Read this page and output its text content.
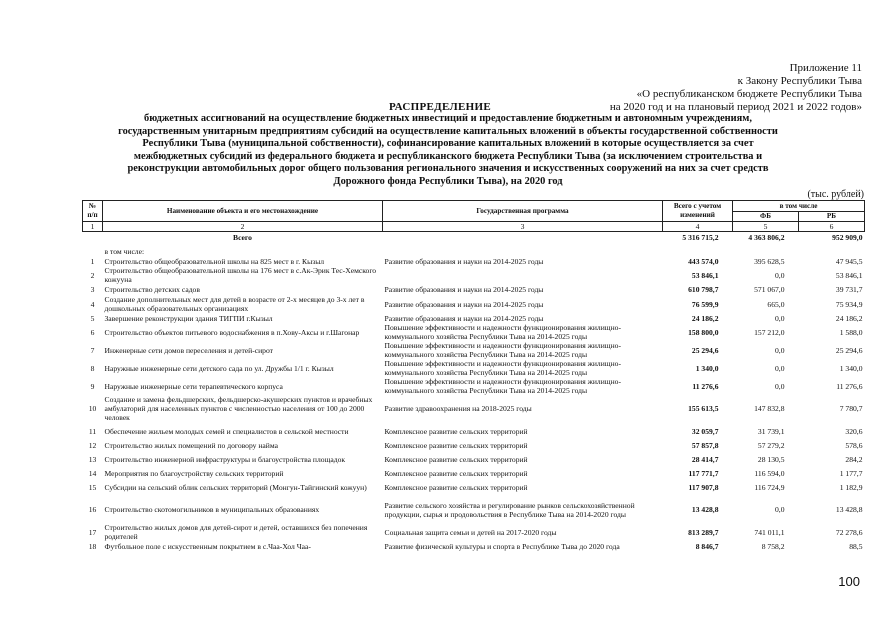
Приложение 11
к Закону Республики Тыва
«О республиканском бюджете Республики Тыва
на 2020 год и на плановый период 2021 и 2022 годов»
РАСПРЕДЕЛЕНИЕ
бюджетных ассигнований на осуществление бюджетных инвестиций и предоставление бюджетным и автономным учреждениям, государственным унитарным предприятиям субсидий на осуществление капитальных вложений в объекты государственной собственности Республики Тыва (муниципальной собственности), софинансирование капитальных вложений в которые осуществляется за счет межбюджетных субсидий из федерального бюджета и республиканского бюджета Республики Тыва (за исключением строительства и реконструкции автомобильных дорог общего пользования регионального значения и искусственных сооружений на них за счет средств Дорожного фонда Республики Тыва), на 2020 год
(тыс. рублей)
№ п/п	Наименование объекта и его местонахождение	Государственная программа	Всего с учетом изменений	в том числе	
				ФБ	РБ
1	2	3	4	5	6
	Всего		5 316 715,2	4 363 806,2	952 909,0
	в том числе:				
1	Строительство общеобразовательной школы на 825 мест в г. Кызыл	Развитие образования и науки на 2014-2025 годы	443 574,0	395 628,5	47 945,5
2	Строительство общеобразовательной школы на 176 мест в с.Ак-Эрик Тес-Хемского кожууна		53 846,1	0,0	53 846,1
3	Строительство детских садов	Развитие образования и науки на 2014-2025 годы	610 798,7	571 067,0	39 731,7
4	Создание дополнительных мест для детей в возрасте от 2-х месяцев до 3-х лет в дошкольных образовательных организациях	Развитие образования и науки на 2014-2025 годы	76 599,9	665,0	75 934,9
5	Завершение реконструкции здания ТИГПИ г.Кызыл	Развитие образования и науки на 2014-2025 годы	24 186,2	0,0	24 186,2
6	Строительство объектов питьевого водоснабжения в п.Хову-Аксы и г.Шагонар	Повышение эффективности и надежности функционирования жилищно-коммунального хозяйства Республики Тыва на 2014-2025 годы	158 800,0	157 212,0	1 588,0
7	Инженерные сети домов переселения и детей-сирот	Повышение эффективности и надежности функционирования жилищно-коммунального хозяйства Республики Тыва на 2014-2025 годы	25 294,6	0,0	25 294,6
8	Наружные инженерные сети детского сада по ул. Дружбы 1/1 г. Кызыл	Повышение эффективности и надежности функционирования жилищно-коммунального хозяйства Республики Тыва на 2014-2025 годы	1 340,0	0,0	1 340,0
9	Наружные инженерные сети терапевтического корпуса	Повышение эффективности и надежности функционирования жилищно-коммунального хозяйства Республики Тыва на 2014-2025 годы	11 276,6	0,0	11 276,6
10	Создание и замена фельдшерских, фельдшерско-акушерских пунктов и врачебных амбулаторий для населенных пунктов с численностью населения от 100 до 2000 человек	Развитие здравоохранения на 2018-2025 годы	155 613,5	147 832,8	7 780,7
11	Обеспечение жильем молодых семей и специалистов в сельской местности	Комплексное развитие сельских территорий	32 059,7	31 739,1	320,6
12	Строительство жилых помещений по договору найма	Комплексное развитие сельских территорий	57 857,8	57 279,2	578,6
13	Строительство инженерной инфраструктуры и благоустройства площадок	Комплексное развитие сельских территорий	28 414,7	28 130,5	284,2
14	Мероприятия по благоустройству сельских территорий	Комплексное развитие сельских территорий	117 771,7	116 594,0	1 177,7
15	Субсидии на сельский облик сельских территорий (Монгун-Тайгинский кожуун)	Комплексное развитие сельских территорий	117 907,8	116 724,9	1 182,9
16	Строительство скотомогильников в муниципальных образованиях	Развитие сельского хозяйства и регулирование рынков сельскохозяйственной продукции, сырья и продовольствия в Республике Тыва на 2014-2020 годы	13 428,8	0,0	13 428,8
17	Строительство жилых домов для детей-сирот и детей, оставшихся без попечения родителей	Социальная защита семьи и детей на 2017-2020 годы	813 289,7	741 011,1	72 278,6
18	Футбольное поле с искусственным покрытием в с.Чаа-Хол Чаа-	Развитие физической культуры и спорта в Республике Тыва до 2020 года	8 846,7	8 758,2	88,5
100
